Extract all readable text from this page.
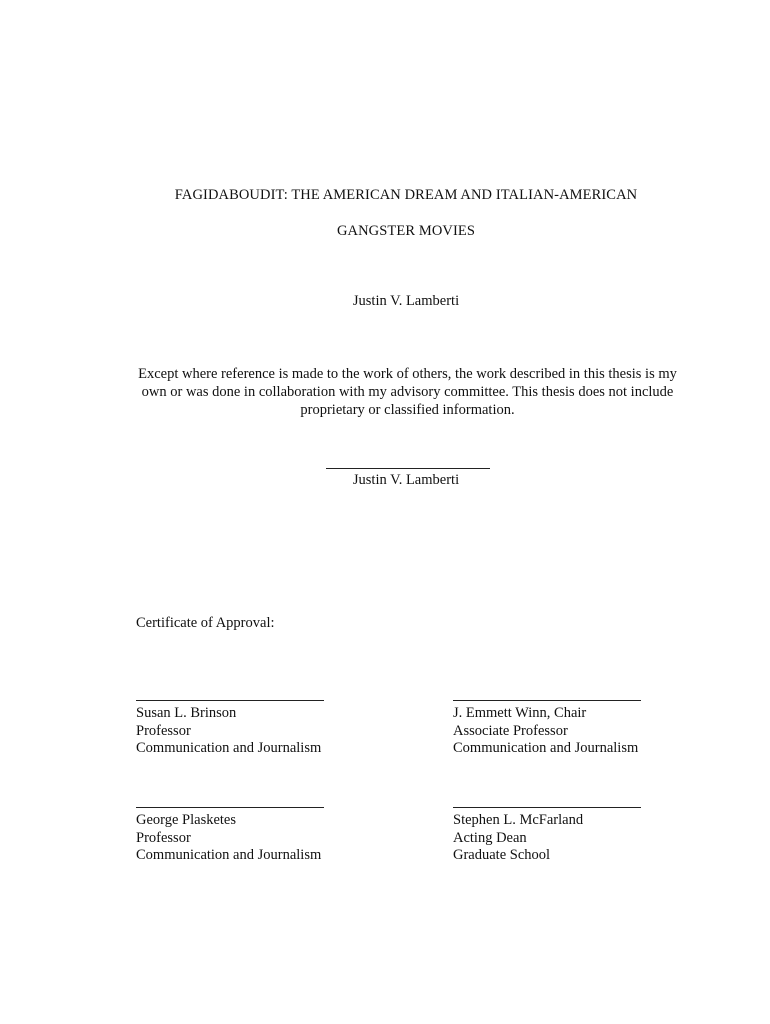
FAGIDABOUDIT: THE AMERICAN DREAM AND ITALIAN-AMERICAN
GANGSTER MOVIES
Justin V. Lamberti
Except where reference is made to the work of others, the work described in this thesis is my own or was done in collaboration with my advisory committee. This thesis does not include proprietary or classified information.
Justin V. Lamberti
Certificate of Approval:
Susan L. Brinson
Professor
Communication and Journalism
J. Emmett Winn, Chair
Associate Professor
Communication and Journalism
George Plasketes
Professor
Communication and Journalism
Stephen L. McFarland
Acting Dean
Graduate School
